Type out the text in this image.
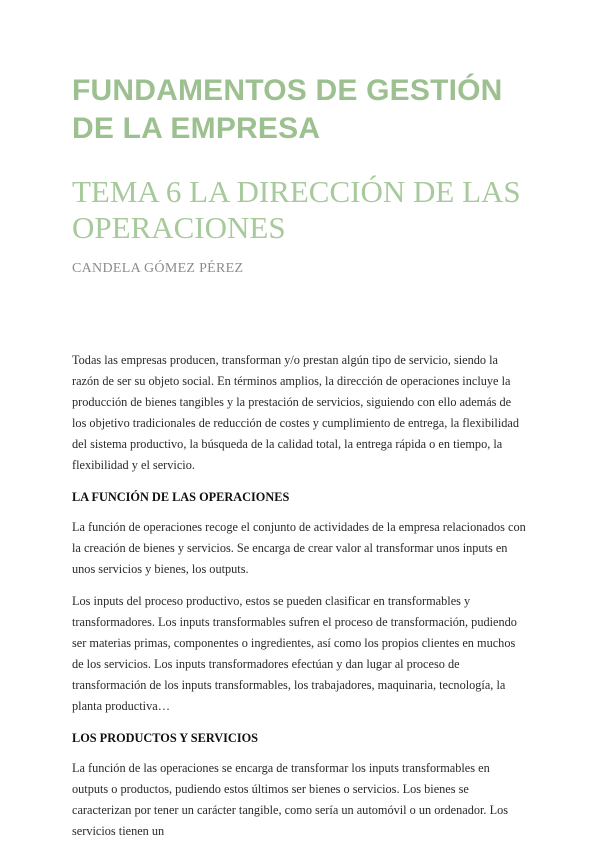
FUNDAMENTOS DE GESTIÓN DE LA EMPRESA
TEMA 6 LA DIRECCIÓN DE LAS OPERACIONES
CANDELA GÓMEZ PÉREZ

Todas las empresas producen, transforman y/o prestan algún tipo de servicio, siendo la razón de ser su objeto social. En términos amplios, la dirección de operaciones incluye la producción de bienes tangibles y la prestación de servicios, siguiendo con ello además de los objetivo tradicionales de reducción de costes y cumplimiento de entrega, la flexibilidad del sistema productivo, la búsqueda de la calidad total, la entrega rápida o en tiempo, la flexibilidad y el servicio.

LA FUNCIÓN DE LAS OPERACIONES

La función de operaciones recoge el conjunto de actividades de la empresa relacionados con la creación de bienes y servicios. Se encarga de crear valor al transformar unos inputs en unos servicios y bienes, los outputs.

Los inputs del proceso productivo, estos se pueden clasificar en transformables y transformadores. Los inputs transformables sufren el proceso de transformación, pudiendo ser materias primas, componentes o ingredientes, así como los propios clientes en muchos de los servicios. Los inputs transformadores efectúan y dan lugar al proceso de transformación de los inputs transformables, los trabajadores, maquinaria, tecnología, la planta productiva…

LOS PRODUCTOS Y SERVICIOS

La función de las operaciones se encarga de transformar los inputs transformables en outputs o productos, pudiendo estos últimos ser bienes o servicios. Los bienes se caracterizan por tener un carácter tangible, como sería un automóvil o un ordenador. Los servicios tienen un
